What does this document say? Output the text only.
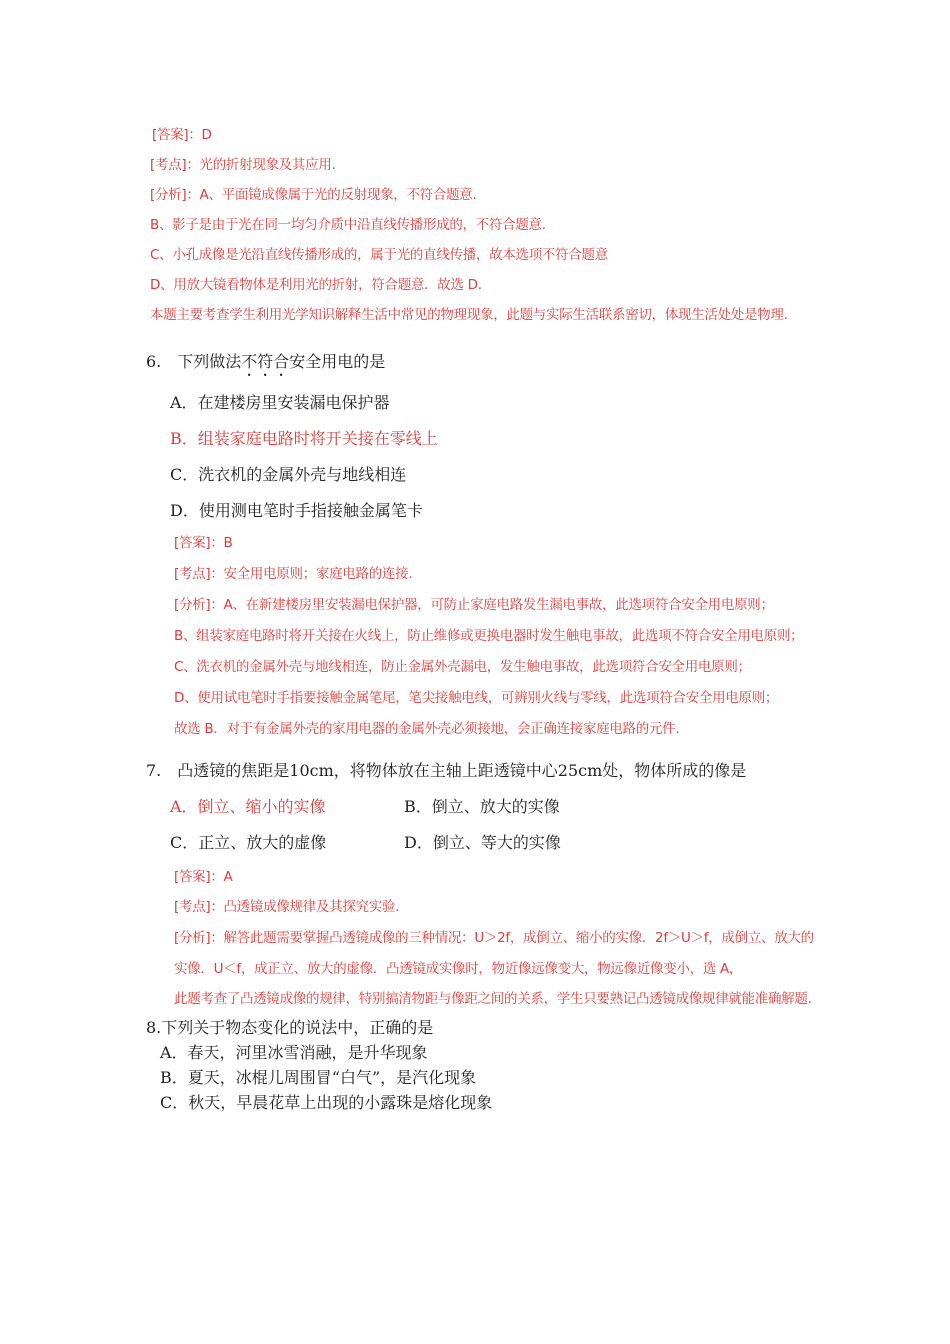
[答案]：D
[考点]：光的折射现象及其应用.
[分析]：A、平面镜成像属于光的反射现象，不符合题意.
B、影子是由于光在同一均匀介质中沿直线传播形成的，不符合题意.
C、小孔成像是光沿直线传播形成的，属于光的直线传播，故本选项不符合题意
D、用放大镜看物体是利用光的折射，符合题意．故选 D.
本题主要考查学生利用光学知识解释生活中常见的物理现象，此题与实际生活联系密切，体现生活处处是物理.
6.　下列做法不符合安全用电的是
A．在建楼房里安装漏电保护器
B．组装家庭电路时将开关接在零线上
C．洗衣机的金属外壳与地线相连
D．使用测电笔时手指接触金属笔卡
[答案]：B
[考点]：安全用电原则；家庭电路的连接.
[分析]：A、在新建楼房里安装漏电保护器，可防止家庭电路发生漏电事故，此选项符合安全用电原则；
B、组装家庭电路时将开关接在火线上，防止维修或更换电器时发生触电事故，此选项不符合安全用电原则；
C、洗衣机的金属外壳与地线相连，防止金属外壳漏电，发生触电事故，此选项符合安全用电原则；
D、使用试电笔时手指要接触金属笔尾，笔尖接触电线，可辨别火线与零线，此选项符合安全用电原则；
故选 B．对于有金属外壳的家用电器的金属外壳必须接地，会正确连接家庭电路的元件.
7.　凸透镜的焦距是10cm，将物体放在主轴上距透镜中心25cm处，物体所成的像是
A．倒立、缩小的实像	B．倒立、放大的实像
C．正立、放大的虚像	D．倒立、等大的实像
[答案]：A
[考点]：凸透镜成像规律及其探究实验.
[分析]：解答此题需要掌握凸透镜成像的三种情况：U＞2f，成倒立、缩小的实像．2f＞U＞f，成倒立、放大的
实像．U＜f，成正立、放大的虚像．凸透镜成实像时，物近像远像变大，物远像近像变小，选 A，
此题考查了凸透镜成像的规律，特别搞清物距与像距之间的关系，学生只要熟记凸透镜成像规律就能准确解题.
8.下列关于物态变化的说法中，正确的是
A．春天，河里冰雪消融，是升华现象
B．夏天，冰棍儿周围冒“白气”，是汽化现象
C．秋天，早晨花草上出现的小露珠是熔化现象
